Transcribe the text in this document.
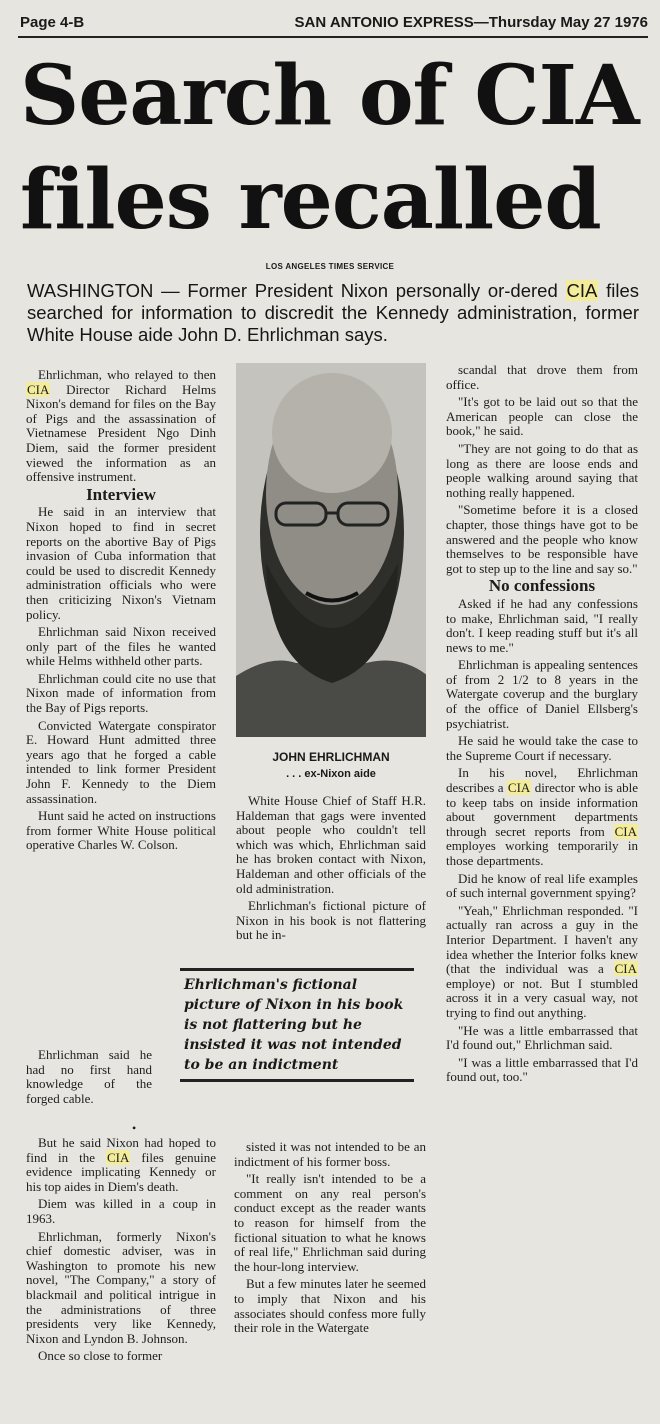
Page 4-B	SAN ANTONIO EXPRESS—Thursday May 27 1976
Search of CIA
files recalled
LOS ANGELES TIMES SERVICE

WASHINGTON — Former President Nixon personally or-dered CIA files searched for information to discredit the Kennedy administration, former White House aide John D. Ehrlichman says.

Ehrlichman, who relayed to then CIA Director Richard Helms Nixon's demand for files on the Bay of Pigs and the assassination of Vietnamese President Ngo Dinh Diem, said the former president viewed the information as an offensive instrument.

Interview

He said in an interview that Nixon hoped to find in secret reports on the abortive Bay of Pigs invasion of Cuba information that could be used to discredit Kennedy administration officials who were then criticizing Nixon's Vietnam policy.

Ehrlichman said Nixon received only part of the files he wanted while Helms withheld other parts.

Ehrlichman could cite no use that Nixon made of information from the Bay of Pigs reports.

Convicted Watergate conspirator E. Howard Hunt admitted three years ago that he forged a cable intended to link former President John F. Kennedy to the Diem assassination.

Hunt said he acted on instructions from former White House political operative Charles W. Colson.

Ehrlichman said he had no first hand knowledge of the forged cable.

JOHN EHRLICHMAN
. . . ex-Nixon aide

White House Chief of Staff H.R. Haldeman that gags were invented about people who couldn't tell which was which, Ehrlichman said he has broken contact with Nixon, Haldeman and other officials of the old administration.

Ehrlichman's fictional picture of Nixon in his book is not flattering but he in-

Ehrlichman's fictional picture of Nixon in his book is not flattering but he insisted it was not intended to be an indictment
•

But he said Nixon had hoped to find in the CIA files genuine evidence implicating Kennedy or his top aides in Diem's death.

Diem was killed in a coup in 1963.

Ehrlichman, formerly Nixon's chief domestic adviser, was in Washington to promote his new novel, "The Company," a story of blackmail and political intrigue in the administrations of three presidents very like Kennedy, Nixon and Lyndon B. Johnson.

Once so close to former

sisted it was not intended to be an indictment of his former boss.

"It really isn't intended to be a comment on any real person's conduct except as the reader wants to reason for himself from the fictional situation to what he knows of real life," Ehrlichman said during the hour-long interview.

But a few minutes later he seemed to imply that Nixon and his associates should confess more fully their role in the Watergate

scandal that drove them from office.

"It's got to be laid out so that the American people can close the book," he said.

"They are not going to do that as long as there are loose ends and people walking around saying that nothing really happened.

"Sometime before it is a closed chapter, those things have got to be answered and the people who know themselves to be responsible have got to step up to the line and say so."

No confessions

Asked if he had any confessions to make, Ehrlichman said, "I really don't. I keep reading stuff but it's all news to me."

Ehrlichman is appealing sentences of from 2 1/2 to 8 years in the Watergate coverup and the burglary of the office of Daniel Ellsberg's psychiatrist.

He said he would take the case to the Supreme Court if necessary.

In his novel, Ehrlichman describes a CIA director who is able to keep tabs on inside information about government departments through secret reports from CIA employes working temporarily in those departments.

Did he know of real life examples of such internal government spying?

"Yeah," Ehrlichman responded. "I actually ran across a guy in the Interior Department. I haven't any idea whether the Interior folks knew (that the individual was a CIA employe) or not. But I stumbled across it in a very casual way, not trying to find out anything.

"He was a little embarrassed that I'd found out," Ehrlichman said.

"I was a little embarrassed that I'd found out, too."
